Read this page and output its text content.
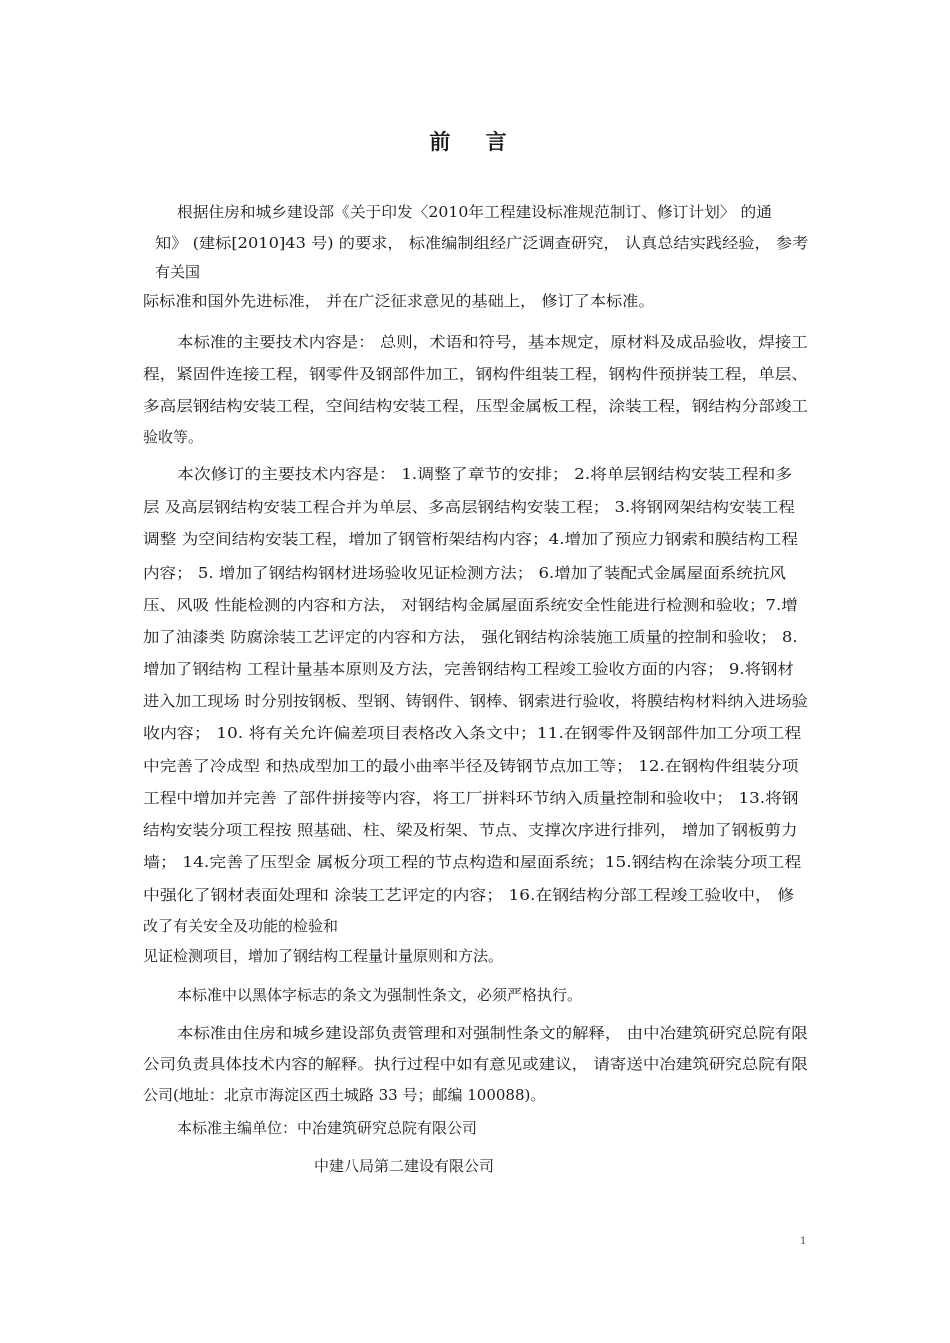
前 言
根据住房和城乡建设部《关于印发〈2010年工程建设标准规范制订、修订计划〉 的通
知》 (建标[2010]43 号) 的要求， 标准编制组经广泛调查研究， 认真总结实践经验， 参考
有关国
际标准和国外先进标准， 并在广泛征求意见的基础上， 修订了本标准。
本标准的主要技术内容是： 总则，术语和符号，基本规定，原材料及成品验收，焊接工
程，紧固件连接工程，钢零件及钢部件加工，钢构件组装工程，钢构件预拼装工程，单层、
多高层钢结构安装工程，空间结构安装工程，压型金属板工程，涂装工程，钢结构分部竣工
验收等。
本次修订的主要技术内容是： 1.调整了章节的安排； 2.将单层钢结构安装工程和多
层 及高层钢结构安装工程合并为单层、多高层钢结构安装工程； 3.将钢网架结构安装工程
调整 为空间结构安装工程，增加了钢管桁架结构内容；4.增加了预应力钢索和膜结构工程
内容； 5. 增加了钢结构钢材进场验收见证检测方法； 6.增加了装配式金属屋面系统抗风
压、风吸 性能检测的内容和方法， 对钢结构金属屋面系统安全性能进行检测和验收；7.增
加了油漆类 防腐涂装工艺评定的内容和方法， 强化钢结构涂装施工质量的控制和验收； 8.
增加了钢结构 工程计量基本原则及方法，完善钢结构工程竣工验收方面的内容； 9.将钢材
进入加工现场 时分别按钢板、型钢、铸钢件、钢棒、钢索进行验收，将膜结构材料纳入进场验
收内容； 10. 将有关允许偏差项目表格改入条文中；11.在钢零件及钢部件加工分项工程
中完善了冷成型 和热成型加工的最小曲率半径及铸钢节点加工等； 12.在钢构件组装分项
工程中增加并完善 了部件拼接等内容，将工厂拼料环节纳入质量控制和验收中； 13.将钢
结构安装分项工程按 照基础、柱、梁及桁架、节点、支撑次序进行排列， 增加了钢板剪力
墙； 14.完善了压型金 属板分项工程的节点构造和屋面系统；15.钢结构在涂装分项工程
中强化了钢材表面处理和 涂装工艺评定的内容； 16.在钢结构分部工程竣工验收中， 修
改了有关安全及功能的检验和
见证检测项目，增加了钢结构工程量计量原则和方法。
本标准中以黑体字标志的条文为强制性条文，必须严格执行。
本标准由住房和城乡建设部负责管理和对强制性条文的解释， 由中冶建筑研究总院有限
公司负责具体技术内容的解释。执行过程中如有意见或建议， 请寄送中冶建筑研究总院有限
公司(地址：北京市海淀区西土城路 33 号；邮编 100088)。
本标准主编单位：中冶建筑研究总院有限公司
中建八局第二建设有限公司
1
